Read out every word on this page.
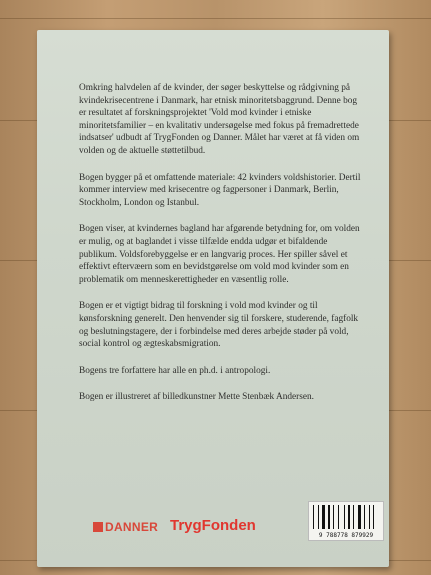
Omkring halvdelen af de kvinder, der søger beskyttelse og rådgivning på kvindekrisecentrene i Danmark, har etnisk minoritetsbaggrund. Denne bog er resultatet af forskningsprojektet 'Vold mod kvinder i etniske minoritetsfamilier – en kvalitativ undersøgelse med fokus på fremadrettede indsatser' udbudt af TrygFonden og Danner. Målet har været at få viden om volden og de aktuelle støttetilbud.

Bogen bygger på et omfattende materiale: 42 kvinders voldshistorier. Dertil kommer interview med krisecentre og fagpersoner i Danmark, Berlin, Stockholm, London og Istanbul.

Bogen viser, at kvindernes bagland har afgørende betydning for, om volden er mulig, og at baglandet i visse tilfælde endda udgør et bifaldende publikum. Voldsforebyggelse er en langvarig proces. Her spiller såvel et effektivt eftervæern som en bevidstgørelse om vold mod kvinder som en problematik om menneskerettigheder en væsentlig rolle.

Bogen er et vigtigt bidrag til forskning i vold mod kvinder og til kønsforskning generelt. Den henvender sig til forskere, studerende, fagfolk og beslutningstagere, der i forbindelse med deres arbejde støder på vold, social kontrol og ægteskabsmigration.

Bogens tre forfattere har alle en ph.d. i antropologi.

Bogen er illustreret af billedkunstner Mette Stenbæk Andersen.

DANNER TrygFonden
9 788778 879929
